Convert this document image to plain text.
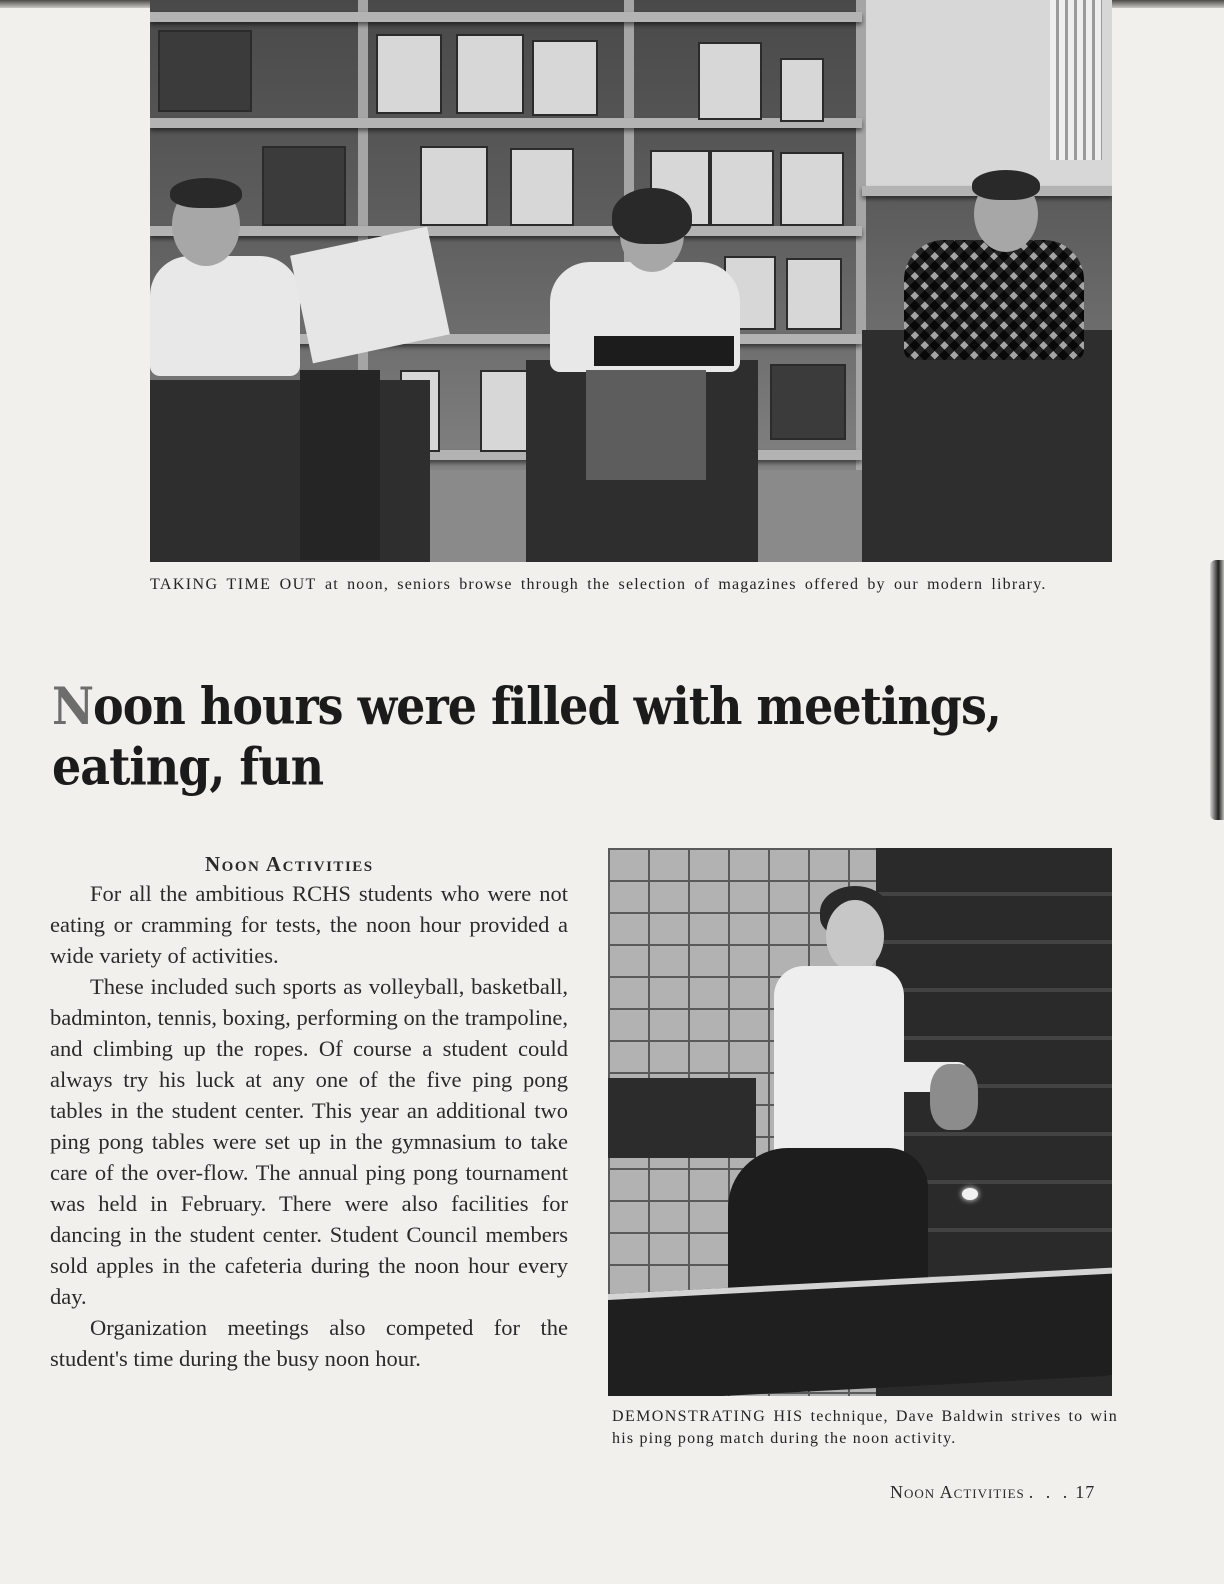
TAKING TIME OUT at noon, seniors browse through the selection of magazines offered by our modern library.

Noon hours were filled with meetings, eating, fun
Noon Activities

For all the ambitious RCHS students who were not eating or cramming for tests, the noon hour provided a wide variety of activities.

These included such sports as volleyball, basketball, badminton, tennis, boxing, performing on the trampoline, and climbing up the ropes. Of course a student could always try his luck at any one of the five ping pong tables in the student center. This year an additional two ping pong tables were set up in the gymnasium to take care of the over-flow. The annual ping pong tournament was held in February. There were also facilities for dancing in the student center. Student Council members sold apples in the cafeteria during the noon hour every day.

Organization meetings also competed for the student's time during the busy noon hour.

DEMONSTRATING HIS technique, Dave Baldwin strives to win his ping pong match during the noon activity.

Noon Activities . . . 17
